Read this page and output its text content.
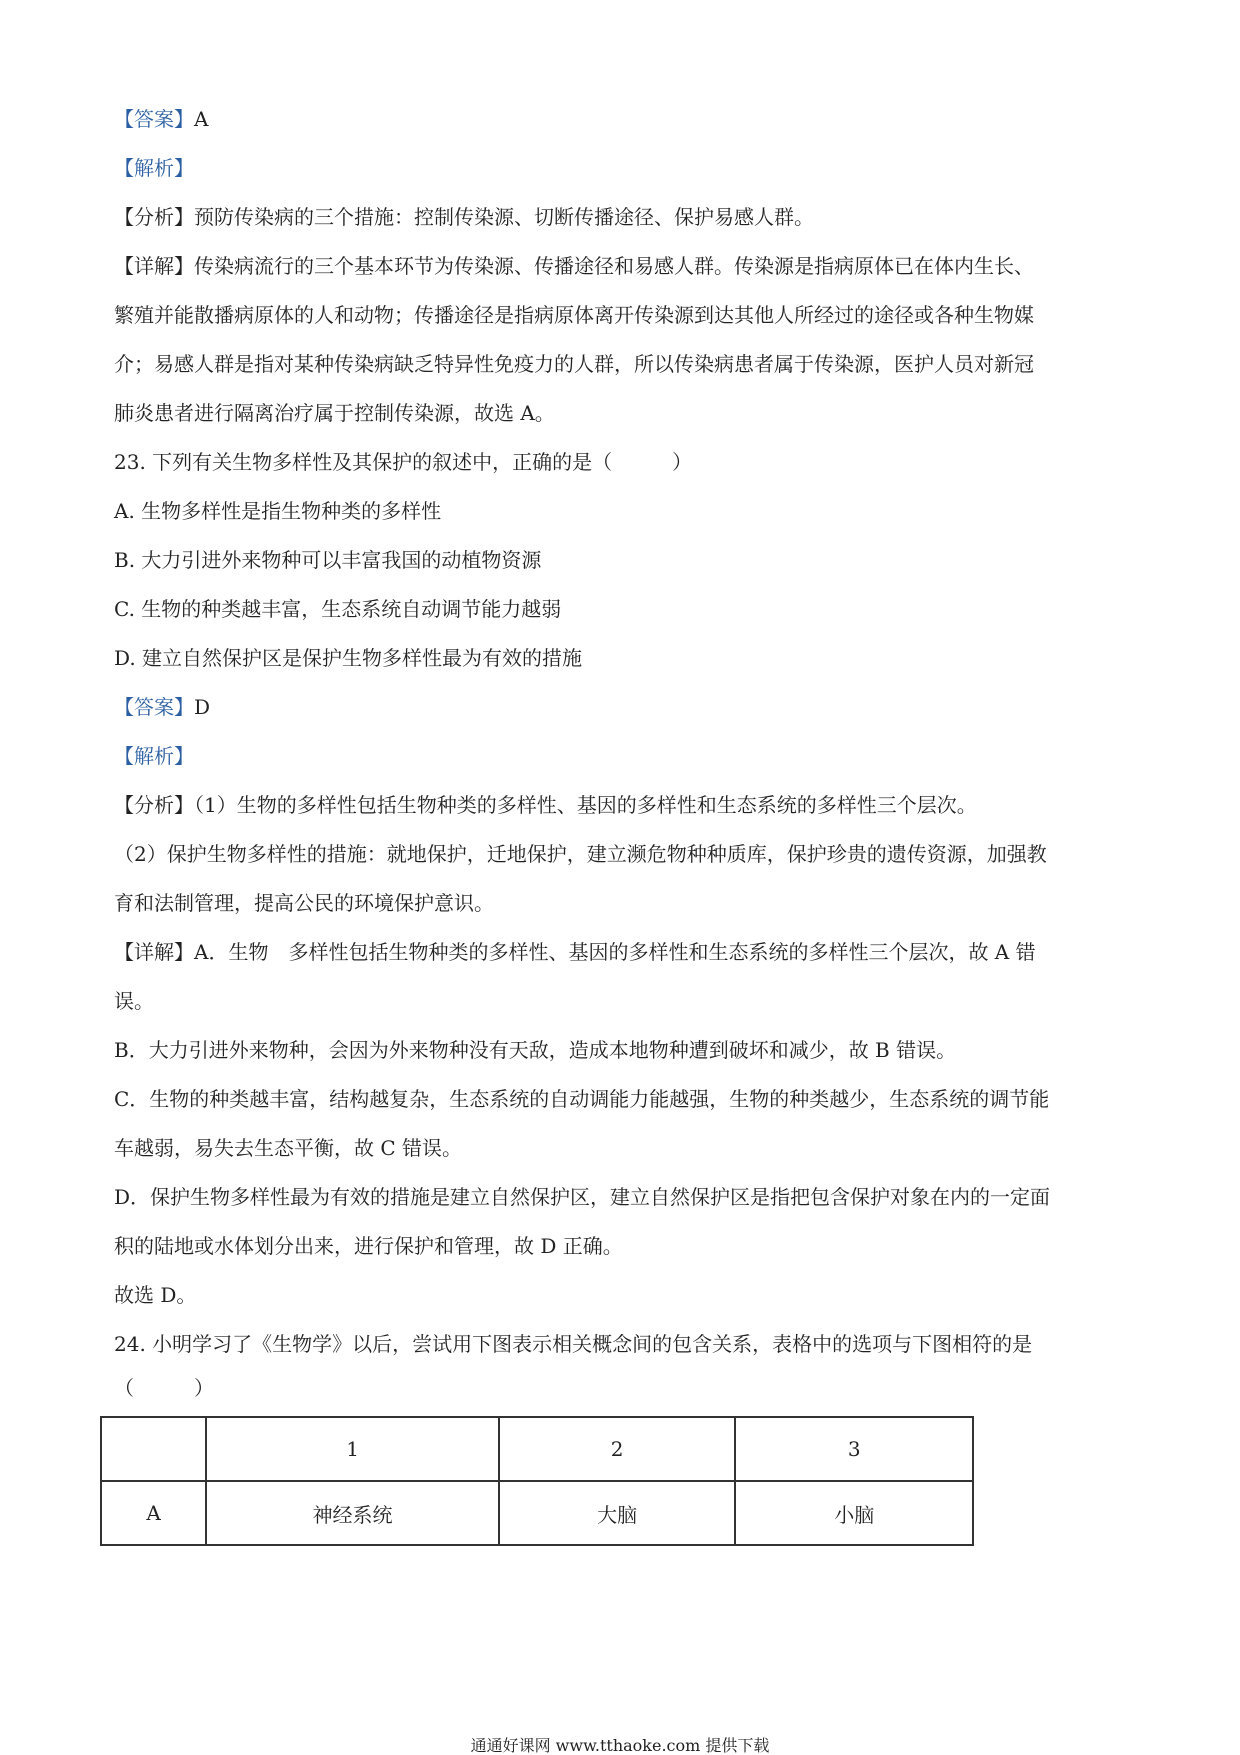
【答案】A
【解析】
【分析】预防传染病的三个措施：控制传染源、切断传播途径、保护易感人群。
【详解】传染病流行的三个基本环节为传染源、传播途径和易感人群。传染源是指病原体已在体内生长、
繁殖并能散播病原体的人和动物；传播途径是指病原体离开传染源到达其他人所经过的途径或各种生物媒
介；易感人群是指对某种传染病缺乏特异性免疫力的人群，所以传染病患者属于传染源，医护人员对新冠
肺炎患者进行隔离治疗属于控制传染源，故选 A。
23. 下列有关生物多样性及其保护的叙述中，正确的是（　　　）
A. 生物多样性是指生物种类的多样性
B. 大力引进外来物种可以丰富我国的动植物资源
C. 生物的种类越丰富，生态系统自动调节能力越弱
D. 建立自然保护区是保护生物多样性最为有效的措施
【答案】D
【解析】
【分析】（1）生物的多样性包括生物种类的多样性、基因的多样性和生态系统的多样性三个层次。
（2）保护生物多样性的措施：就地保护，迁地保护，建立濒危物种种质库，保护珍贵的遗传资源，加强教
育和法制管理，提高公民的环境保护意识。
【详解】A．生物　多样性包括生物种类的多样性、基因的多样性和生态系统的多样性三个层次，故 A 错
误。
B．大力引进外来物种，会因为外来物种没有天敌，造成本地物种遭到破坏和减少，故 B 错误。
C．生物的种类越丰富，结构越复杂，生态系统的自动调能力能越强，生物的种类越少，生态系统的调节能
车越弱，易失去生态平衡，故 C 错误。
D．保护生物多样性最为有效的措施是建立自然保护区，建立自然保护区是指把包含保护对象在内的一定面
积的陆地或水体划分出来，进行保护和管理，故 D 正确。
故选 D。
24. 小明学习了《生物学》以后，尝试用下图表示相关概念间的包含关系，表格中的选项与下图相符的是
（　　　）
	1	2	3
A	神经系统	大脑	小脑
通通好课网 www.tthaoke.com 提供下载
